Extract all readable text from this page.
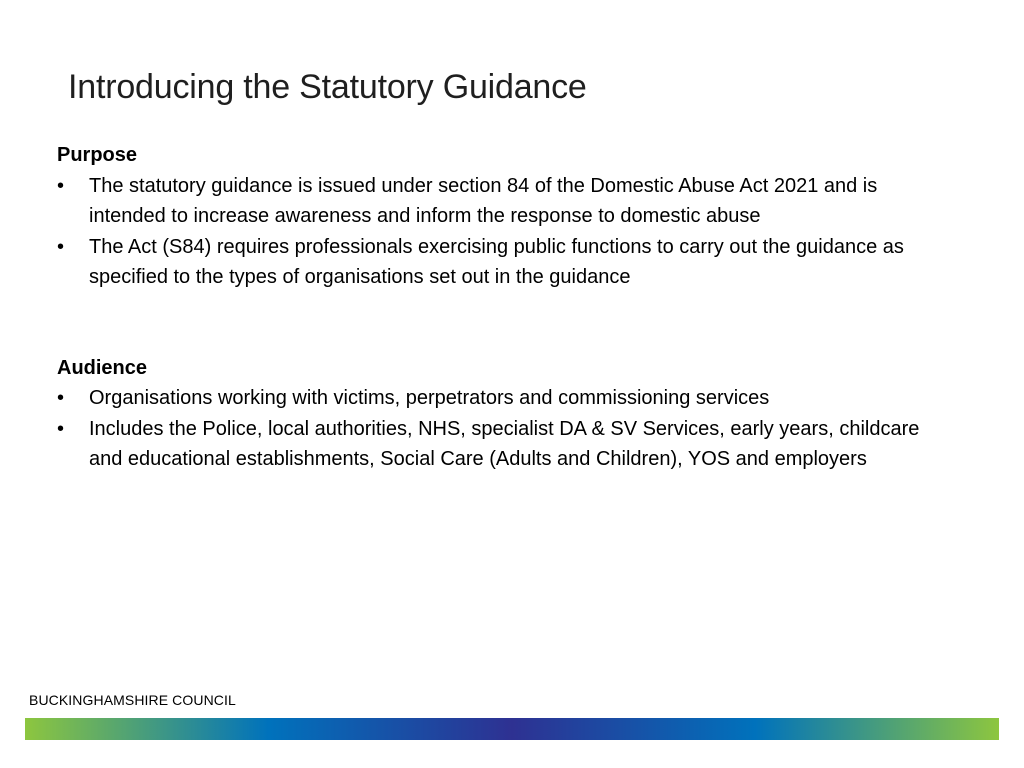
Introducing the Statutory Guidance

Purpose

•	The statutory guidance is issued under section 84 of the Domestic Abuse Act 2021 and is intended to increase awareness and inform the response to domestic abuse
•	The Act (S84) requires professionals exercising public functions to carry out the guidance as specified to the types of organisations set out in the guidance

Audience

•	Organisations working with victims, perpetrators and commissioning services
•	Includes the Police, local authorities, NHS, specialist DA & SV Services, early years, childcare and educational establishments, Social Care (Adults and Children), YOS and employers
BUCKINGHAMSHIRE COUNCIL
